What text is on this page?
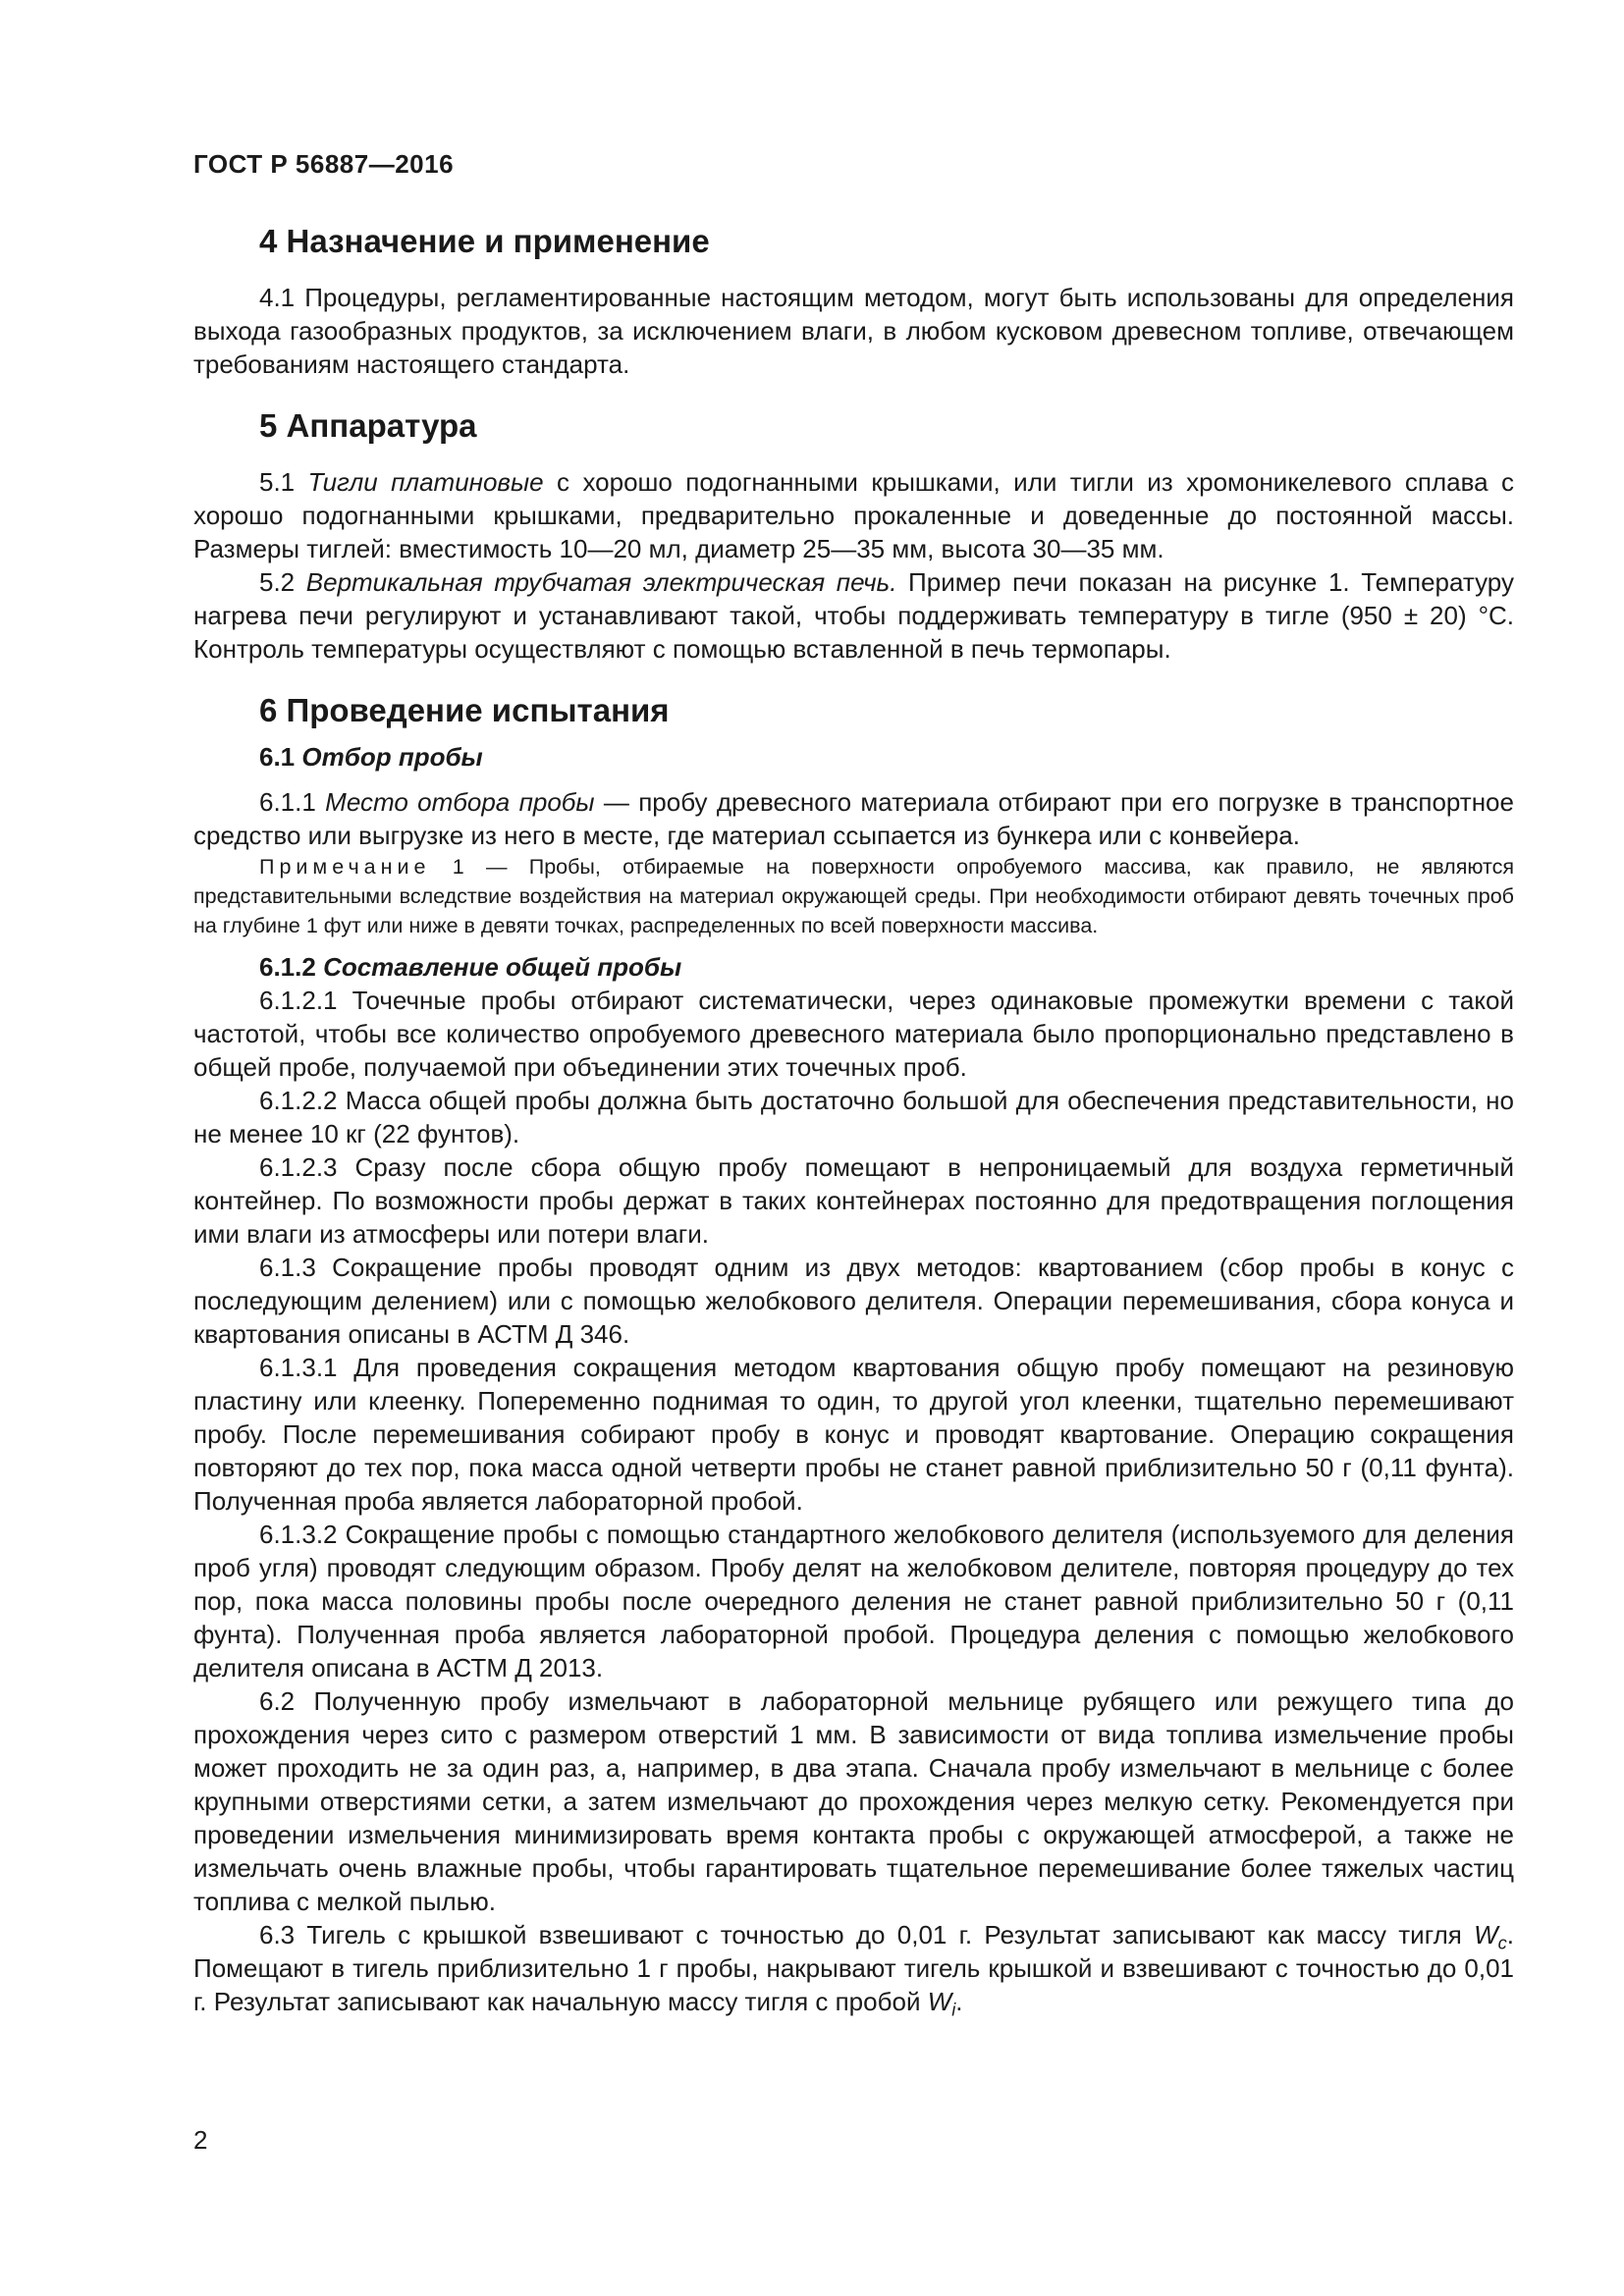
ГОСТ Р 56887—2016
4 Назначение и применение

4.1 Процедуры, регламентированные настоящим методом, могут быть использованы для определения выхода газообразных продуктов, за исключением влаги, в любом кусковом древесном топливе, отвечающем требованиям настоящего стандарта.

5 Аппаратура

5.1 Тигли платиновые с хорошо подогнанными крышками, или тигли из хромоникелевого сплава с хорошо подогнанными крышками, предварительно прокаленные и доведенные до постоянной массы. Размеры тиглей: вместимость 10—20 мл, диаметр 25—35 мм, высота 30—35 мм.

5.2 Вертикальная трубчатая электрическая печь. Пример печи показан на рисунке 1. Температуру нагрева печи регулируют и устанавливают такой, чтобы поддерживать температуру в тигле (950 ± 20) °С. Контроль температуры осуществляют с помощью вставленной в печь термопары.

6 Проведение испытания
6.1 Отбор пробы

6.1.1 Место отбора пробы — пробу древесного материала отбирают при его погрузке в транспортное средство или выгрузке из него в месте, где материал ссыпается из бункера или с конвейера.

Примечание 1 — Пробы, отбираемые на поверхности опробуемого массива, как правило, не являются представительными вследствие воздействия на материал окружающей среды. При необходимости отбирают девять точечных проб на глубине 1 фут или ниже в девяти точках, распределенных по всей поверхности массива.

6.1.2 Составление общей пробы

6.1.2.1 Точечные пробы отбирают систематически, через одинаковые промежутки времени с такой частотой, чтобы все количество опробуемого древесного материала было пропорционально представлено в общей пробе, получаемой при объединении этих точечных проб.

6.1.2.2 Масса общей пробы должна быть достаточно большой для обеспечения представительности, но не менее 10 кг (22 фунтов).

6.1.2.3 Сразу после сбора общую пробу помещают в непроницаемый для воздуха герметичный контейнер. По возможности пробы держат в таких контейнерах постоянно для предотвращения поглощения ими влаги из атмосферы или потери влаги.

6.1.3 Сокращение пробы проводят одним из двух методов: квартованием (сбор пробы в конус с последующим делением) или с помощью желобкового делителя. Операции перемешивания, сбора конуса и квартования описаны в АСТМ Д 346.

6.1.3.1 Для проведения сокращения методом квартования общую пробу помещают на резиновую пластину или клеенку. Попеременно поднимая то один, то другой угол клеенки, тщательно перемешивают пробу. После перемешивания собирают пробу в конус и проводят квартование. Операцию сокращения повторяют до тех пор, пока масса одной четверти пробы не станет равной приблизительно 50 г (0,11 фунта). Полученная проба является лабораторной пробой.

6.1.3.2 Сокращение пробы с помощью стандартного желобкового делителя (используемого для деления проб угля) проводят следующим образом. Пробу делят на желобковом делителе, повторяя процедуру до тех пор, пока масса половины пробы после очередного деления не станет равной приблизительно 50 г (0,11 фунта). Полученная проба является лабораторной пробой. Процедура деления с помощью желобкового делителя описана в АСТМ Д 2013.

6.2 Полученную пробу измельчают в лабораторной мельнице рубящего или режущего типа до прохождения через сито с размером отверстий 1 мм. В зависимости от вида топлива измельчение пробы может проходить не за один раз, а, например, в два этапа. Сначала пробу измельчают в мельнице с более крупными отверстиями сетки, а затем измельчают до прохождения через мелкую сетку. Рекомендуется при проведении измельчения минимизировать время контакта пробы с окружающей атмосферой, а также не измельчать очень влажные пробы, чтобы гарантировать тщательное перемешивание более тяжелых частиц топлива с мелкой пылью.

6.3 Тигель с крышкой взвешивают с точностью до 0,01 г. Результат записывают как массу тигля $W_c$. Помещают в тигель приблизительно 1 г пробы, накрывают тигель крышкой и взвешивают с точностью до 0,01 г. Результат записывают как начальную массу тигля с пробой $W_i$.

2
